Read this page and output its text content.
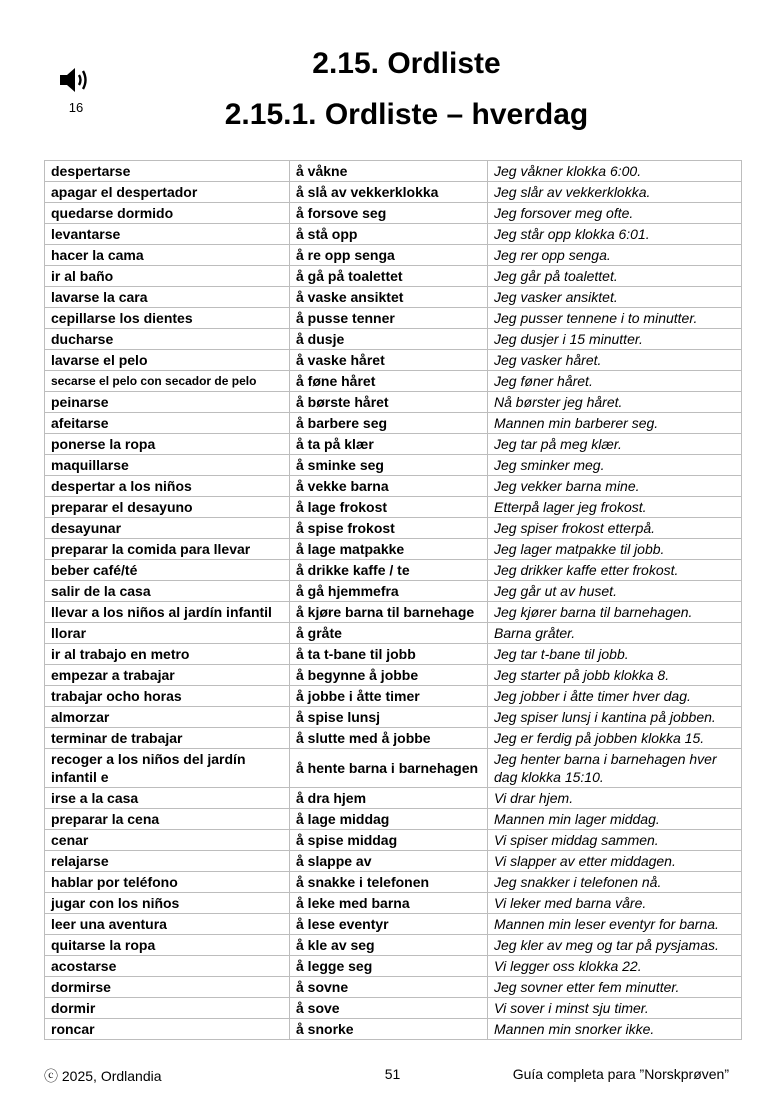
16
2.15. Ordliste
2.15.1. Ordliste – hverdag
despertarse	å våkne	Jeg våkner klokka 6:00.
apagar el despertador	å slå av vekkerklokka	Jeg slår av vekkerklokka.
quedarse dormido	å forsove seg	Jeg forsover meg ofte.
levantarse	å stå opp	Jeg står opp klokka 6:01.
hacer la cama	å re opp senga	Jeg rer opp senga.
ir al baño	å gå på toalettet	Jeg går på toalettet.
lavarse la cara	å vaske ansiktet	Jeg vasker ansiktet.
cepillarse los dientes	å pusse tenner	Jeg pusser tennene i to minutter.
ducharse	å dusje	Jeg dusjer i 15 minutter.
lavarse el pelo	å vaske håret	Jeg vasker håret.
secarse el pelo con secador de pelo	å føne håret	Jeg føner håret.
peinarse	å børste håret	Nå børster jeg håret.
afeitarse	å barbere seg	Mannen min barberer seg.
ponerse la ropa	å ta på klær	Jeg tar på meg klær.
maquillarse	å sminke seg	Jeg sminker meg.
despertar a los niños	å vekke barna	Jeg vekker barna mine.
preparar el desayuno	å lage frokost	Etterpå lager jeg frokost.
desayunar	å spise frokost	Jeg spiser frokost etterpå.
preparar la comida para llevar	å lage matpakke	Jeg lager matpakke til jobb.
beber café/té	å drikke kaffe / te	Jeg drikker kaffe etter frokost.
salir de la casa	å gå hjemmefra	Jeg går ut av huset.
llevar a los niños al jardín infantil	å kjøre barna til barnehage	Jeg kjører barna til barnehagen.
llorar	å gråte	Barna gråter.
ir al trabajo en metro	å ta t-bane til jobb	Jeg tar t-bane til jobb.
empezar a trabajar	å begynne å jobbe	Jeg starter på jobb klokka 8.
trabajar ocho horas	å jobbe i åtte timer	Jeg jobber i åtte timer hver dag.
almorzar	å spise lunsj	Jeg spiser lunsj i kantina på jobben.
terminar de trabajar	å slutte med å jobbe	Jeg er ferdig på jobben klokka 15.
recoger a los niños del jardín infantil e	å hente barna i barnehagen	Jeg henter barna i barnehagen hver dag klokka 15:10.
irse a la casa	å dra hjem	Vi drar hjem.
preparar la cena	å lage middag	Mannen min lager middag.
cenar	å spise middag	Vi spiser middag sammen.
relajarse	å slappe av	Vi slapper av etter middagen.
hablar por teléfono	å snakke i telefonen	Jeg snakker i telefonen nå.
jugar con los niños	å leke med barna	Vi leker med barna våre.
leer una aventura	å lese eventyr	Mannen min leser eventyr for barna.
quitarse la ropa	å kle av seg	Jeg kler av meg og tar på pysjamas.
acostarse	å legge seg	Vi legger oss klokka 22.
dormirse	å sovne	Jeg sovner etter fem minutter.
dormir	å sove	Vi sover i minst sju timer.
roncar	å snorke	Mannen min snorker ikke.
ⓒ 2025, Ordlandia	51	Guía completa para ”Norskprøven”
